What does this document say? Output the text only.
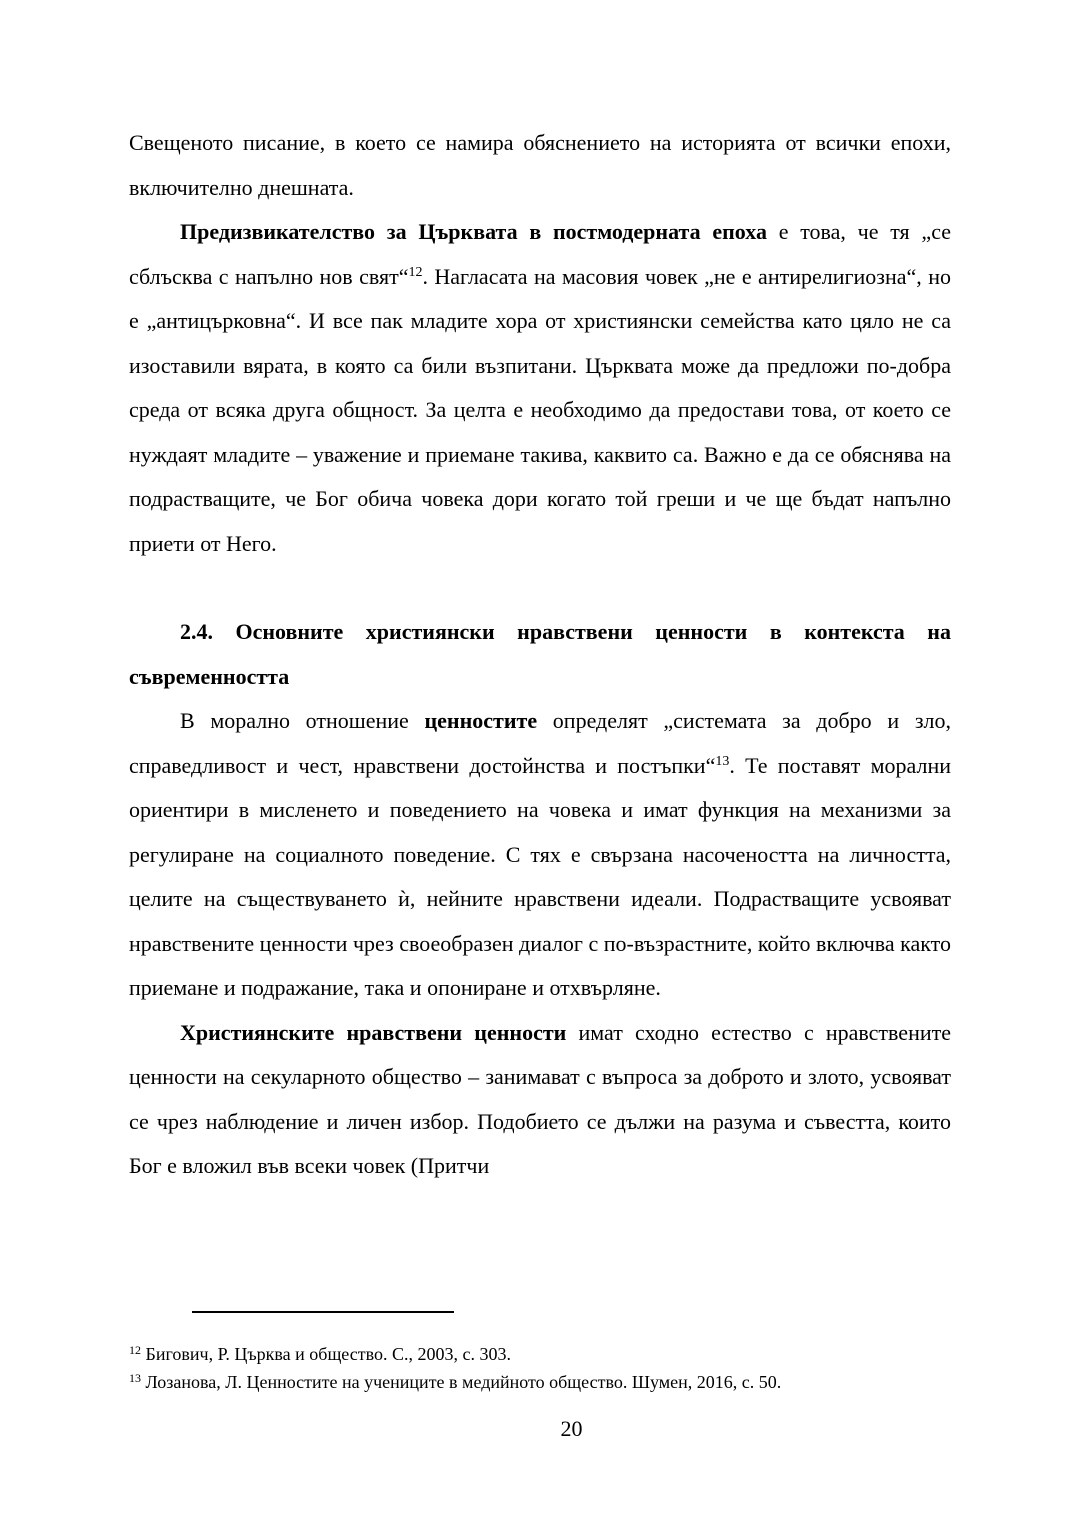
Свещеното писание, в което се намира обяснението на историята от всички епохи, включително днешната.

Предизвикателство за Църквата в постмодерната епоха е това, че тя „се сблъсква с напълно нов свят“$^{12}$. Нагласата на масовия човек „не е антирелигиозна“, но е „антицърковна“. И все пак младите хора от християнски семейства като цяло не са изоставили вярата, в която са били възпитани. Църквата може да предложи по-добра среда от всяка друга общност. За целта е необходимо да предостави това, от което се нуждаят младите – уважение и приемане такива, каквито са. Важно е да се обяснява на подрастващите, че Бог обича човека дори когато той греши и че ще бъдат напълно приети от Него.

2.4. Основните християнски нравствени ценности в контекста на съвременността

В морално отношение ценностите определят „системата за добро и зло, справедливост и чест, нравствени достойнства и постъпки“$^{13}$. Те поставят морални ориентири в мисленето и поведението на човека и имат функция на механизми за регулиране на социалното поведение. С тях е свързана насочеността на личността, целите на съществуването ѝ, нейните нравствени идеали. Подрастващите усвояват нравствените ценности чрез своеобразен диалог с по-възрастните, който включва както приемане и подражание, така и опониране и отхвърляне.

Християнските нравствени ценности имат сходно естество с нравствените ценности на секуларното общество – занимават с въпроса за доброто и злото, усвояват се чрез наблюдение и личен избор. Подобието се дължи на разума и съвестта, които Бог е вложил във всеки човек (Притчи

$^{12}$ Бигович, Р. Църква и общество. С., 2003, с. 303.

$^{13}$ Лозанова, Л. Ценностите на учениците в медийното общество. Шумен, 2016, с. 50.

20
